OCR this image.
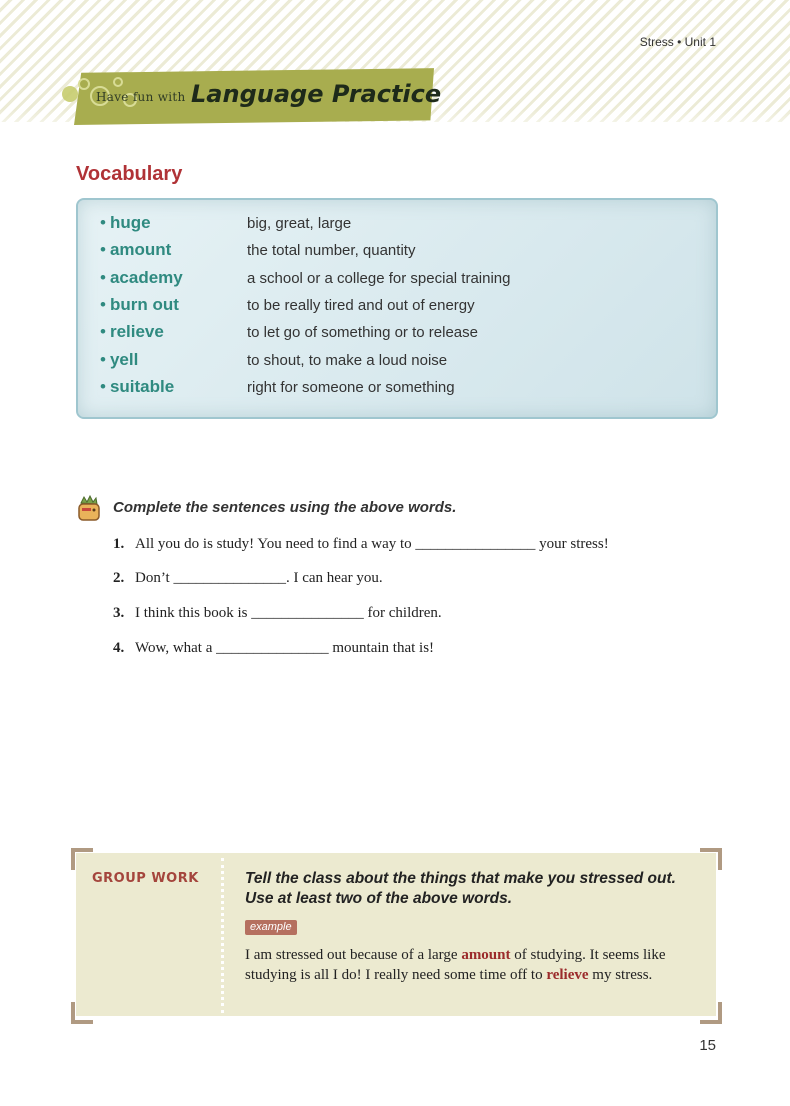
Stress • Unit 1
Have fun with Language Practice
Vocabulary
• huge	big, great, large
• amount	the total number, quantity
• academy	a school or a college for special training
• burn out	to be really tired and out of energy
• relieve	to let go of something or to release
• yell	to shout, to make a loud noise
• suitable	right for someone or something
Complete the sentences using the above words.
1. All you do is study! You need to find a way to ________________ your stress!
2. Don’t _______________. I can hear you.
3. I think this book is _______________ for children.
4. Wow, what a _______________ mountain that is!
GROUP WORK	Tell the class about the things that make you stressed out. Use at least two of the above words.
example
I am stressed out because of a large amount of studying. It seems like studying is all I do! I really need some time off to relieve my stress.
15
